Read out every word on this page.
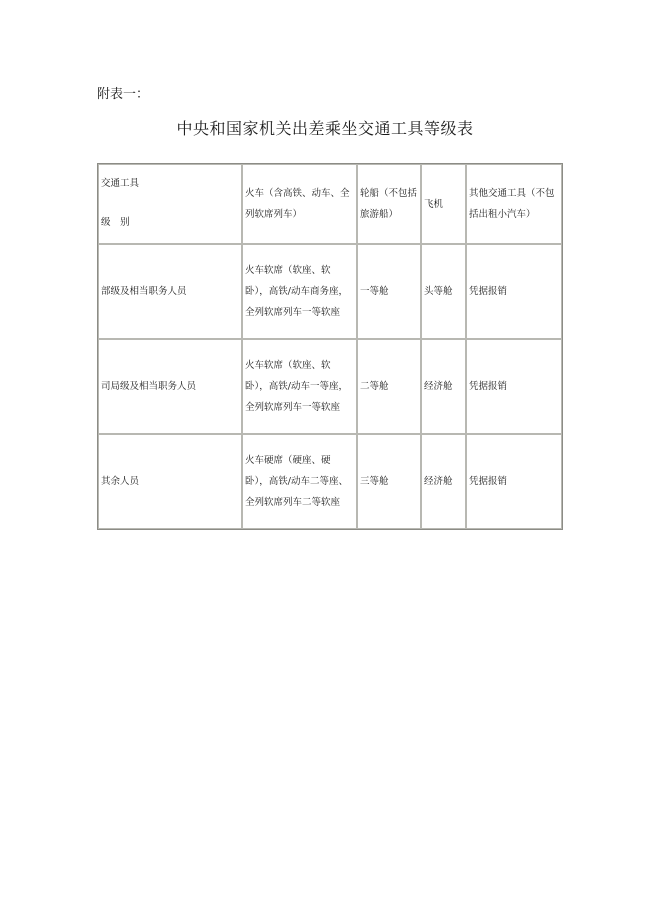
附表一：
中央和国家机关出差乘坐交通工具等级表
交通工具
级　别	火车（含高铁、动车、全列软席列车）	轮船（不包括旅游船）	飞机	其他交通工具（不包括出租小汽车）
部级及相当职务人员	火车软席（软座、软卧），高铁/动车商务座，全列软席列车一等软座	一等舱	头等舱	凭据报销
司局级及相当职务人员	火车软席（软座、软卧），高铁/动车一等座，全列软席列车一等软座	二等舱	经济舱	凭据报销
其余人员	火车硬席（硬座、硬卧），高铁/动车二等座、全列软席列车二等软座	三等舱	经济舱	凭据报销
